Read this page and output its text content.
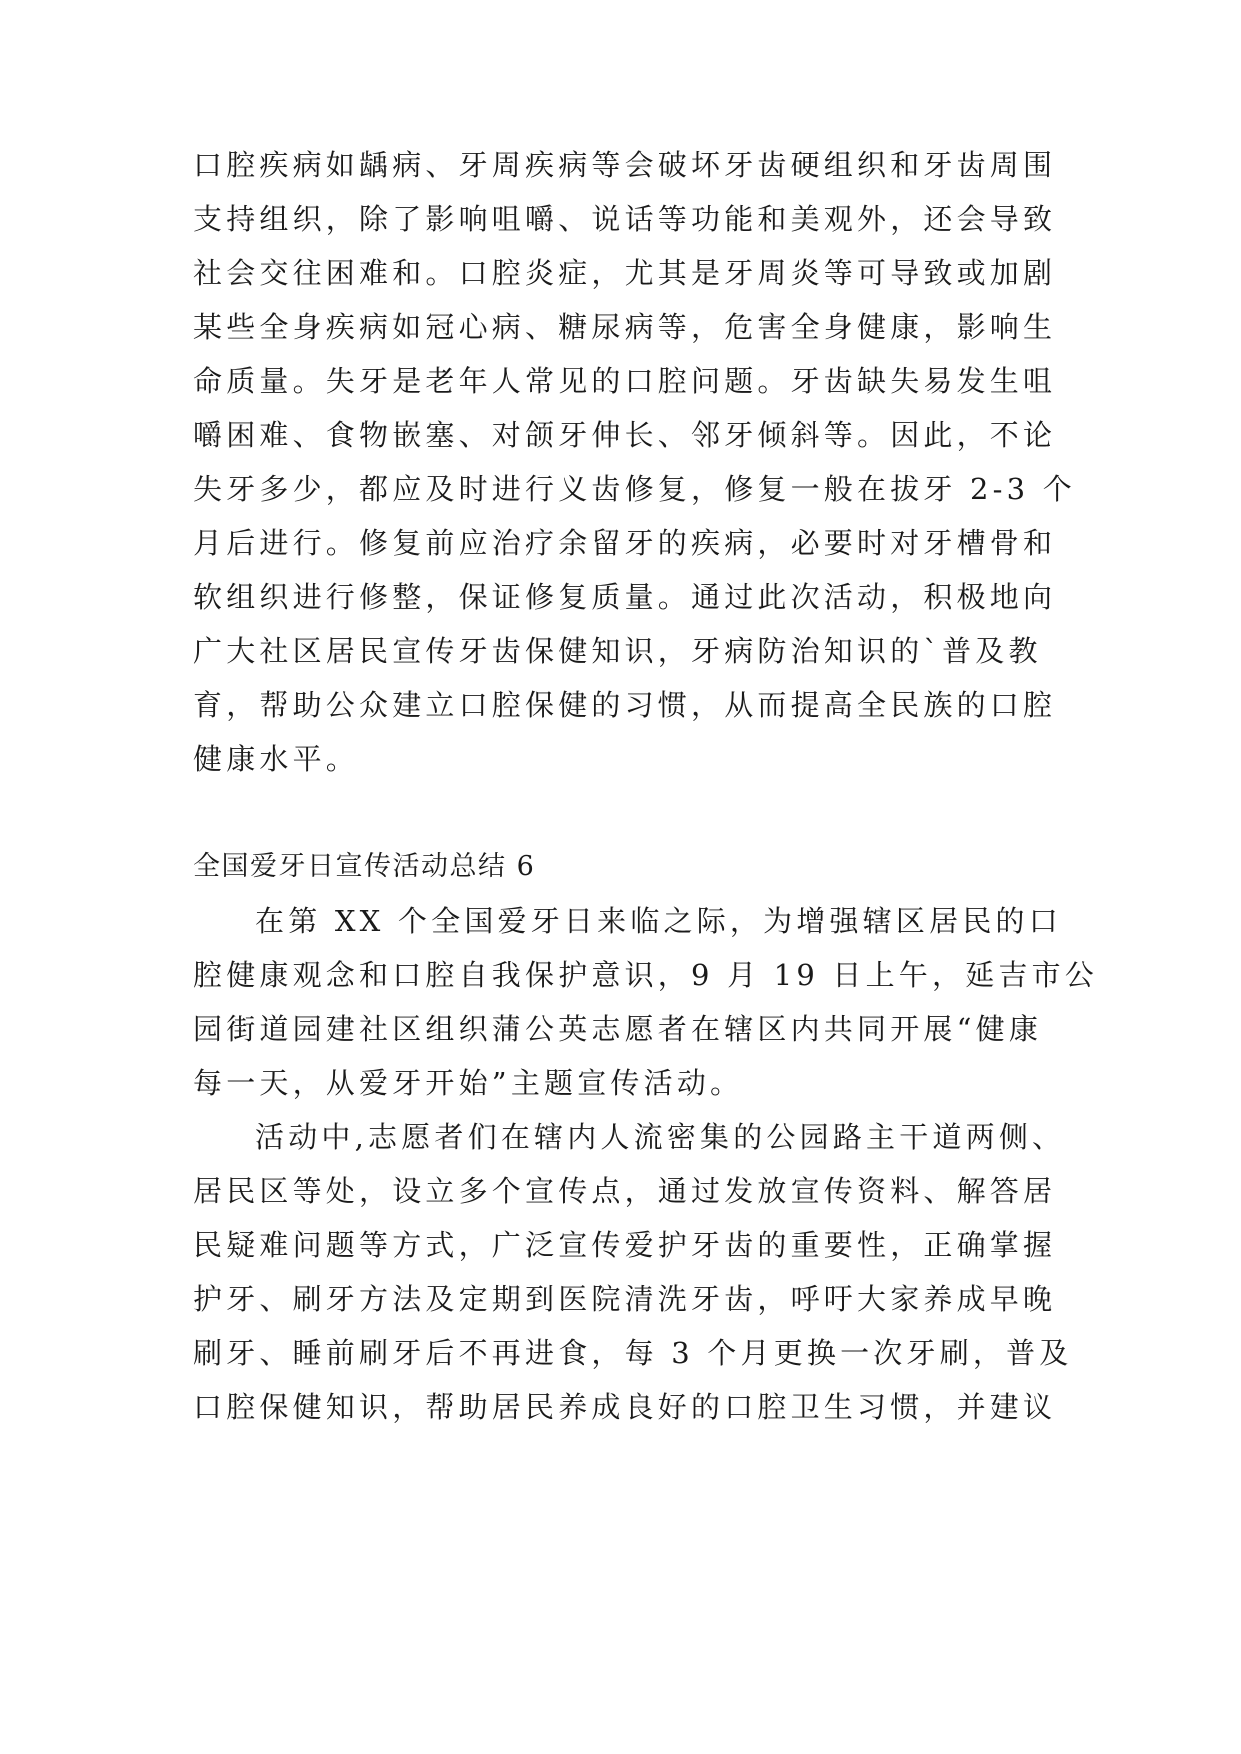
口腔疾病如龋病、牙周疾病等会破坏牙齿硬组织和牙齿周围
支持组织，除了影响咀嚼、说话等功能和美观外，还会导致
社会交往困难和。口腔炎症，尤其是牙周炎等可导致或加剧
某些全身疾病如冠心病、糖尿病等，危害全身健康，影响生
命质量。失牙是老年人常见的口腔问题。牙齿缺失易发生咀
嚼困难、食物嵌塞、对颌牙伸长、邻牙倾斜等。因此，不论
失牙多少，都应及时进行义齿修复，修复一般在拔牙 2-3 个
月后进行。修复前应治疗余留牙的疾病，必要时对牙槽骨和
软组织进行修整，保证修复质量。通过此次活动，积极地向
广大社区居民宣传牙齿保健知识，牙病防治知识的`普及教
育，帮助公众建立口腔保健的习惯，从而提高全民族的口腔
健康水平。
全国爱牙日宣传活动总结 6
在第 XX 个全国爱牙日来临之际，为增强辖区居民的口
腔健康观念和口腔自我保护意识，9 月 19 日上午，延吉市公
园街道园建社区组织蒲公英志愿者在辖区内共同开展“健康
每一天，从爱牙开始”主题宣传活动。
活动中,志愿者们在辖内人流密集的公园路主干道两侧、
居民区等处，设立多个宣传点，通过发放宣传资料、解答居
民疑难问题等方式，广泛宣传爱护牙齿的重要性，正确掌握
护牙、刷牙方法及定期到医院清洗牙齿，呼吁大家养成早晚
刷牙、睡前刷牙后不再进食，每 3 个月更换一次牙刷，普及
口腔保健知识，帮助居民养成良好的口腔卫生习惯，并建议
